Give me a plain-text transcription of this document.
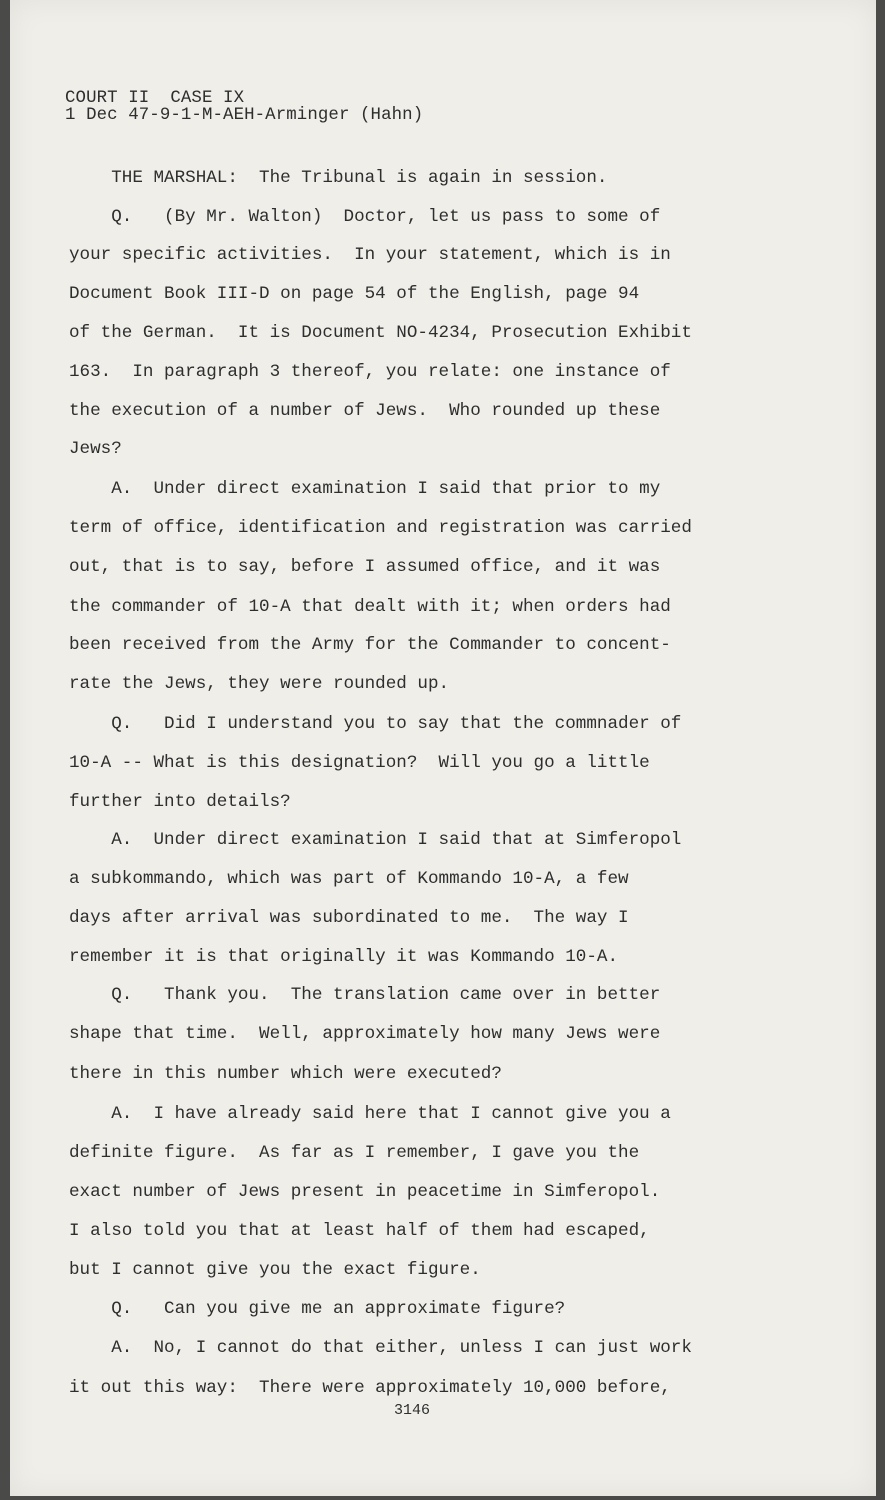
COURT II  CASE IX
1 Dec 47-9-1-M-AEH-Arminger (Hahn)
THE MARSHAL:  The Tribunal is again in session.
Q.   (By Mr. Walton)  Doctor, let us pass to some of
your specific activities.  In your statement, which is in
Document Book III-D on page 54 of the English, page 94
of the German.  It is Document NO-4234, Prosecution Exhibit
163.  In paragraph 3 thereof, you relate: one instance of
the execution of a number of Jews.  Who rounded up these
Jews?
A.  Under direct examination I said that prior to my
term of office, identification and registration was carried
out, that is to say, before I assumed office, and it was
the commander of 10-A that dealt with it; when orders had
been received from the Army for the Commander to concent-
rate the Jews, they were rounded up.
Q.   Did I understand you to say that the commnader of
10-A -- What is this designation?  Will you go a little
further into details?
A.  Under direct examination I said that at Simferopol
a subkommando, which was part of Kommando 10-A, a few
days after arrival was subordinated to me.  The way I
remember it is that originally it was Kommando 10-A.
Q.   Thank you.  The translation came over in better
shape that time.  Well, approximately how many Jews were
there in this number which were executed?
A.  I have already said here that I cannot give you a
definite figure.  As far as I remember, I gave you the
exact number of Jews present in peacetime in Simferopol.
I also told you that at least half of them had escaped,
but I cannot give you the exact figure.
Q.   Can you give me an approximate figure?
A.  No, I cannot do that either, unless I can just work
it out this way:  There were approximately 10,000 before,
3146
